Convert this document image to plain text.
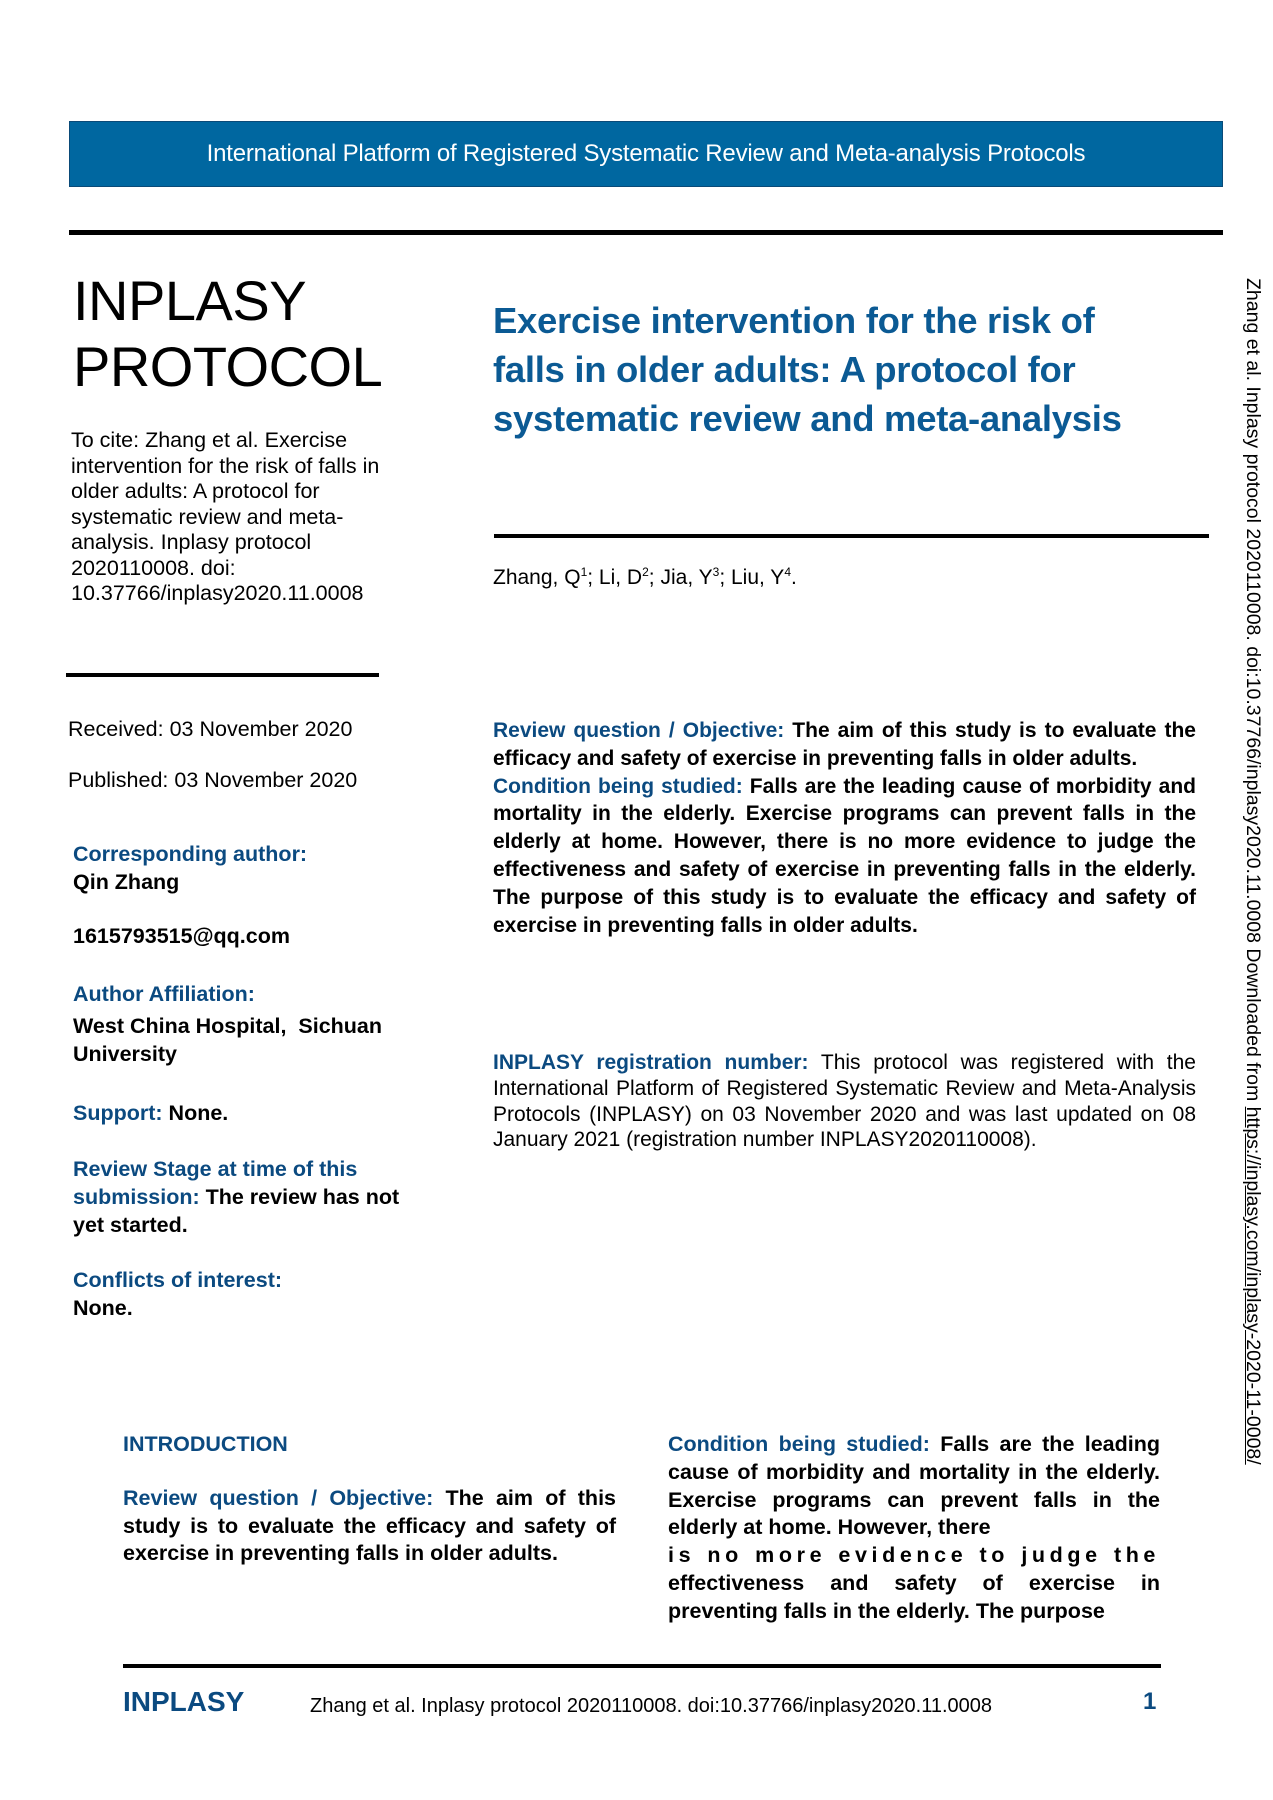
International Platform of Registered Systematic Review and Meta-analysis Protocols
INPLASY
PROTOCOL
To cite: Zhang et al. Exercise intervention for the risk of falls in older adults: A protocol for systematic review and meta-analysis. Inplasy protocol 2020110008. doi: 10.37766/inplasy2020.11.0008
Exercise intervention for the risk of falls in older adults: A protocol for systematic review and meta-analysis
Zhang, $Q^1$; Li, $D^2$; Jia, $Y^3$; Liu, $Y^4$.
Received: 03 November 2020
Published: 03 November 2020
Corresponding author:
Qin Zhang
1615793515@qq.com
Author Affiliation:
West China Hospital,  Sichuan
University
Support: None.
Review Stage at time of this submission: The review has not yet started.
Conflicts of interest:
None.
Review question / Objective: The aim of this study is to evaluate the efficacy and safety of exercise in preventing falls in older adults.
Condition being studied: Falls are the leading cause of morbidity and mortality in the elderly. Exercise programs can prevent falls in the elderly at home. However, there is no more evidence to judge the effectiveness and safety of exercise in preventing falls in the elderly. The purpose of this study is to evaluate the efficacy and safety of exercise in preventing falls in older adults.
INPLASY registration number: This protocol was registered with the International Platform of Registered Systematic Review and Meta-Analysis Protocols (INPLASY) on 03 November 2020 and was last updated on 08 January 2021 (registration number INPLASY2020110008).
INTRODUCTION
Review question / Objective: The aim of this study is to evaluate the efficacy and safety of exercise in preventing falls in older adults.
Condition being studied: Falls are the leading cause of morbidity and mortality in the elderly. Exercise programs can prevent falls in the elderly at home. However, there
is no more evidence to judge the
effectiveness and safety of exercise in preventing falls in the elderly. The purpose
INPLASY	Zhang et al. Inplasy protocol 2020110008. doi:10.37766/inplasy2020.11.0008	1
Zhang et al. Inplasy protocol 2020110008. doi:10.37766/inplasy2020.11.0008 Downloaded from https://inplasy.com/inplasy-2020-11-0008/
